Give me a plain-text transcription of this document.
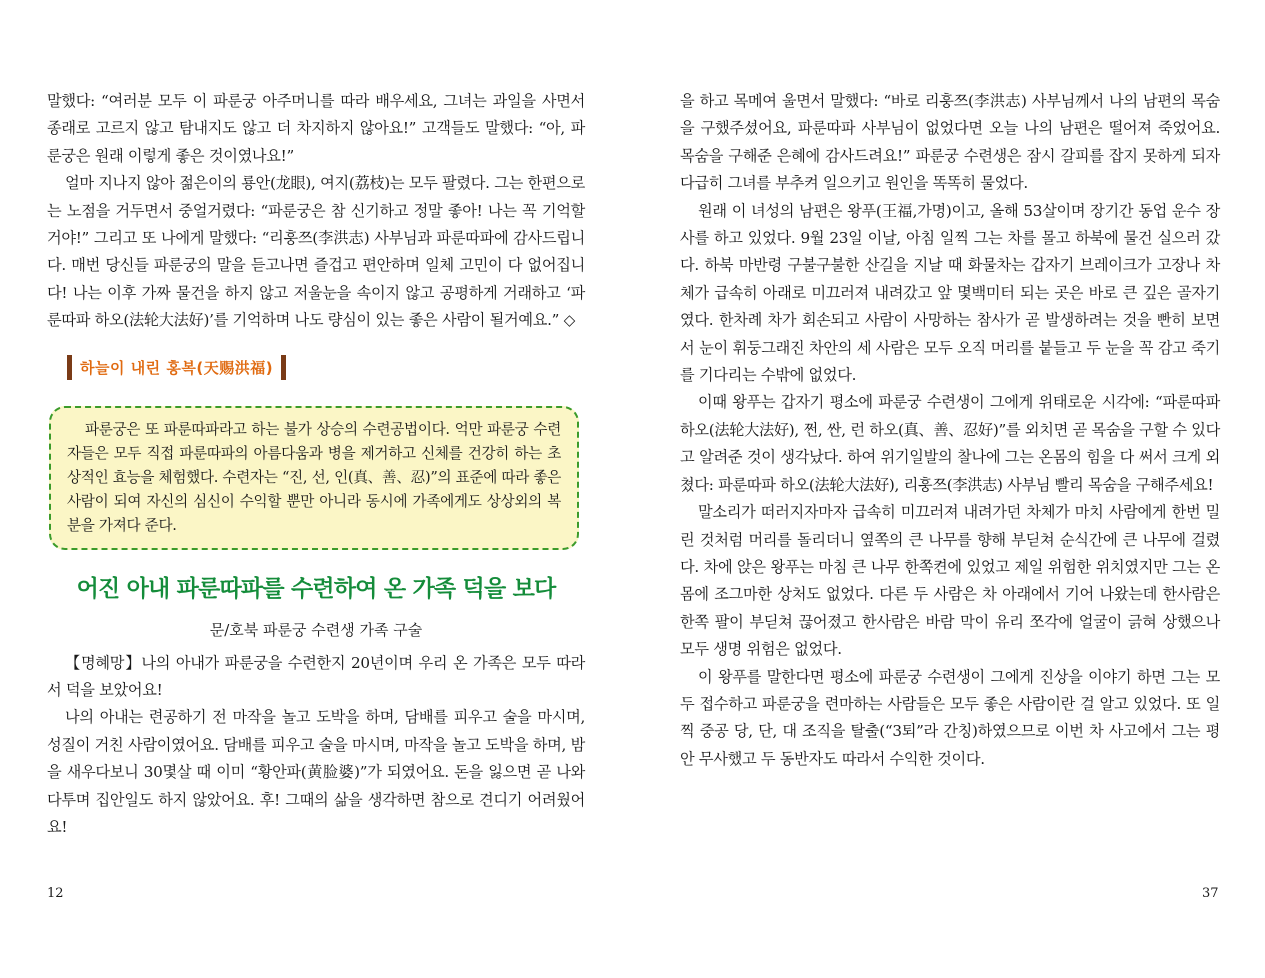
말했다: “여러분 모두 이 파룬궁 아주머니를 따라 배우세요, 그녀는 과일을 사면서 종래로 고르지 않고 탐내지도 않고 더 차지하지 않아요!” 고객들도 말했다: “아, 파룬궁은 원래 이렇게 좋은 것이였나요!”

얼마 지나지 않아 젊은이의 룡안(龙眼), 여지(荔枝)는 모두 팔렸다. 그는 한편으로는 노점을 거두면서 중얼거렸다: “파룬궁은 참 신기하고 정말 좋아! 나는 꼭 기억할거야!” 그리고 또 나에게 말했다: “리훙쯔(李洪志) 사부님과 파룬따파에 감사드립니다. 매번 당신들 파룬궁의 말을 듣고나면 즐겁고 편안하며 일체 고민이 다 없어집니다! 나는 이후 가짜 물건을 하지 않고 저울눈을 속이지 않고 공평하게 거래하고 ‘파룬따파 하오(法轮大法好)’를 기억하며 나도 량심이 있는 좋은 사람이 될거예요.” ◇

하늘이 내린 홍복(天赐洪福)

파룬궁은 또 파룬따파라고 하는 불가 상승의 수련공법이다. 억만 파룬궁 수련자들은 모두 직접 파룬따파의 아름다움과 병을 제거하고 신체를 건강히 하는 초상적인 효능을 체험했다. 수련자는 “진, 선, 인(真、善、忍)”의 표준에 따라 좋은 사람이 되여 자신의 심신이 수익할 뿐만 아니라 동시에 가족에게도 상상외의 복분을 가져다 준다.

어진 아내 파룬따파를 수련하여 온 가족 덕을 보다
문/호북 파룬궁 수련생 가족 구술

【명혜망】나의 아내가 파룬궁을 수련한지 20년이며 우리 온 가족은 모두 따라서 덕을 보았어요!

나의 아내는 련공하기 전 마작을 놀고 도박을 하며, 담배를 피우고 술을 마시며, 성질이 거친 사람이였어요. 담배를 피우고 술을 마시며, 마작을 놀고 도박을 하며, 밤을 새우다보니 30몇살 때 이미 “황안파(黄脸婆)”가 되였어요. 돈을 잃으면 곧 나와 다투며 집안일도 하지 않았어요. 후! 그때의 삶을 생각하면 참으로 견디기 어려웠어요!

12

을 하고 목메여 울면서 말했다: “바로 리훙쯔(李洪志) 사부님께서 나의 남편의 목숨을 구했주셨어요, 파룬따파 사부님이 없었다면 오늘 나의 남편은 떨어져 죽었어요. 목숨을 구해준 은혜에 감사드려요!” 파룬궁 수련생은 잠시 갈피를 잡지 못하게 되자 다급히 그녀를 부추켜 일으키고 원인을 똑똑히 물었다.

원래 이 녀성의 남편은 왕푸(王福,가명)이고, 올해 53살이며 장기간 동업 운수 장사를 하고 있었다. 9월 23일 이날, 아침 일찍 그는 차를 몰고 하북에 물건 실으러 갔다. 하북 마반령 구불구불한 산길을 지날 때 화물차는 갑자기 브레이크가 고장나 차체가 급속히 아래로 미끄러져 내려갔고 앞 몇백미터 되는 곳은 바로 큰 깊은 골자기였다. 한차례 차가 회손되고 사람이 사망하는 참사가 곧 발생하려는 것을 빤히 보면서 눈이 휘둥그래진 차안의 세 사람은 모두 오직 머리를 붙들고 두 눈을 꼭 감고 죽기를 기다리는 수밖에 없었다.

이때 왕푸는 갑자기 평소에 파룬궁 수련생이 그에게 위태로운 시각에: “파룬따파 하오(法轮大法好), 쩐, 싼, 런 하오(真、善、忍好)”를 외치면 곧 목숨을 구할 수 있다고 알려준 것이 생각났다. 하여 위기일발의 찰나에 그는 온몸의 힘을 다 써서 크게 외쳤다: 파룬따파 하오(法轮大法好), 리훙쯔(李洪志) 사부님 빨리 목숨을 구해주세요!

말소리가 떠러지자마자 급속히 미끄러져 내려가던 차체가 마치 사람에게 한번 밀린 것처럼 머리를 돌리더니 옆쪽의 큰 나무를 향해 부딛쳐 순식간에 큰 나무에 걸렸다. 차에 앉은 왕푸는 마침 큰 나무 한쪽켠에 있었고 제일 위험한 위치였지만 그는 온몸에 조그마한 상처도 없었다. 다른 두 사람은 차 아래에서 기어 나왔는데 한사람은 한쪽 팔이 부딛쳐 끊어졌고 한사람은 바람 막이 유리 쪼각에 얼굴이 긁혀 상했으나 모두 생명 위험은 없었다.

이 왕푸를 말한다면 평소에 파룬궁 수련생이 그에게 진상을 이야기 하면 그는 모두 접수하고 파룬궁을 련마하는 사람들은 모두 좋은 사람이란 걸 알고 있었다. 또 일찍 중공 당, 단, 대 조직을 탈출(“3퇴”라 간칭)하였으므로 이번 차 사고에서 그는 평안 무사했고 두 동반자도 따라서 수익한 것이다.

37
